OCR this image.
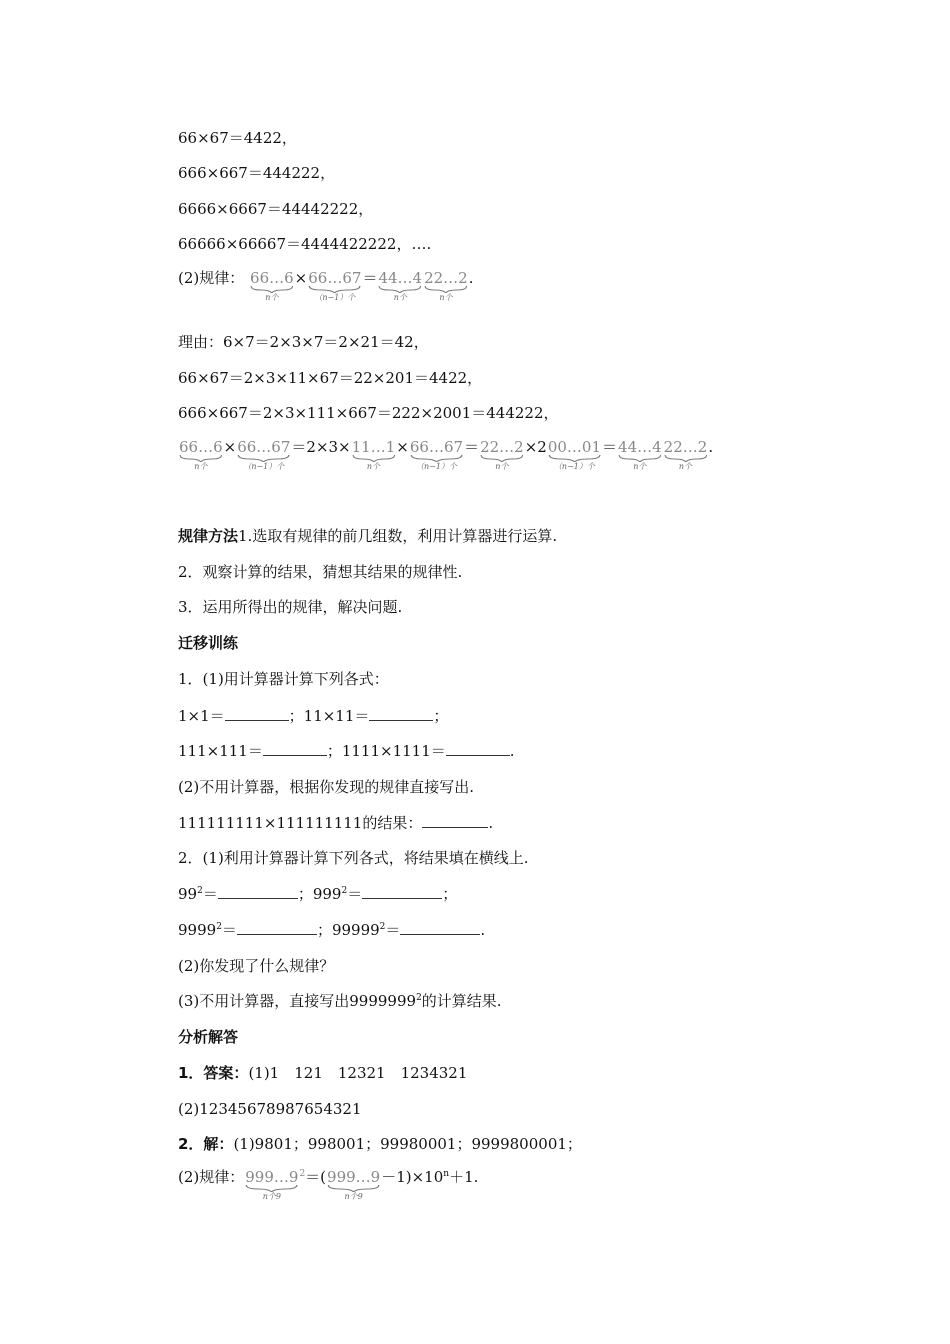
66×67＝4422，
666×667＝444222，
6666×6667＝44442222，
66666×66667＝4444422222，….
(2)规律： 66…6
n个
× 66…67
（n−1）个
＝ 44…4
n个
22…2
n个
.
理由：6×7＝2×3×7＝2×21＝42，
66×67＝2×3×11×67＝22×201＝4422，
666×667＝2×3×111×667＝222×2001＝444222，
66…6
n个
× 66…67
（n−1）个
＝2×3× 11…1
n个
× 66…67
（n−1）个
＝ 22…2
n个
×2 00…01
（n−1）个
＝ 44…4
n个
22…2
n个
.
规律方法1.选取有规律的前几组数，利用计算器进行运算.
2．观察计算的结果，猜想其结果的规律性.
3．运用所得出的规律，解决问题.
迁移训练
1．(1)用计算器计算下列各式：
1×1＝	；11×11＝	；
111×111＝	；1111×1111＝	.
(2)不用计算器，根据你发现的规律直接写出.
111111111×111111111的结果：	.
2．(1)利用计算器计算下列各式，将结果填在横线上.
$99^2=$	；$999^2=$	；
$9999^2=$	；$99999^2=$	.
(2)你发现了什么规律？
(3)不用计算器，直接写出9999999$^2$的计算结果.
分析解答
1．答案：(1)1　121　12321　1234321
(2)12345678987654321
2．解：(1)9801；998001；99980001；9999800001；
(2)规律： 999…9
n个9
$^2$＝( 999…9
n个9
$-1)\times 10^n+1$.
